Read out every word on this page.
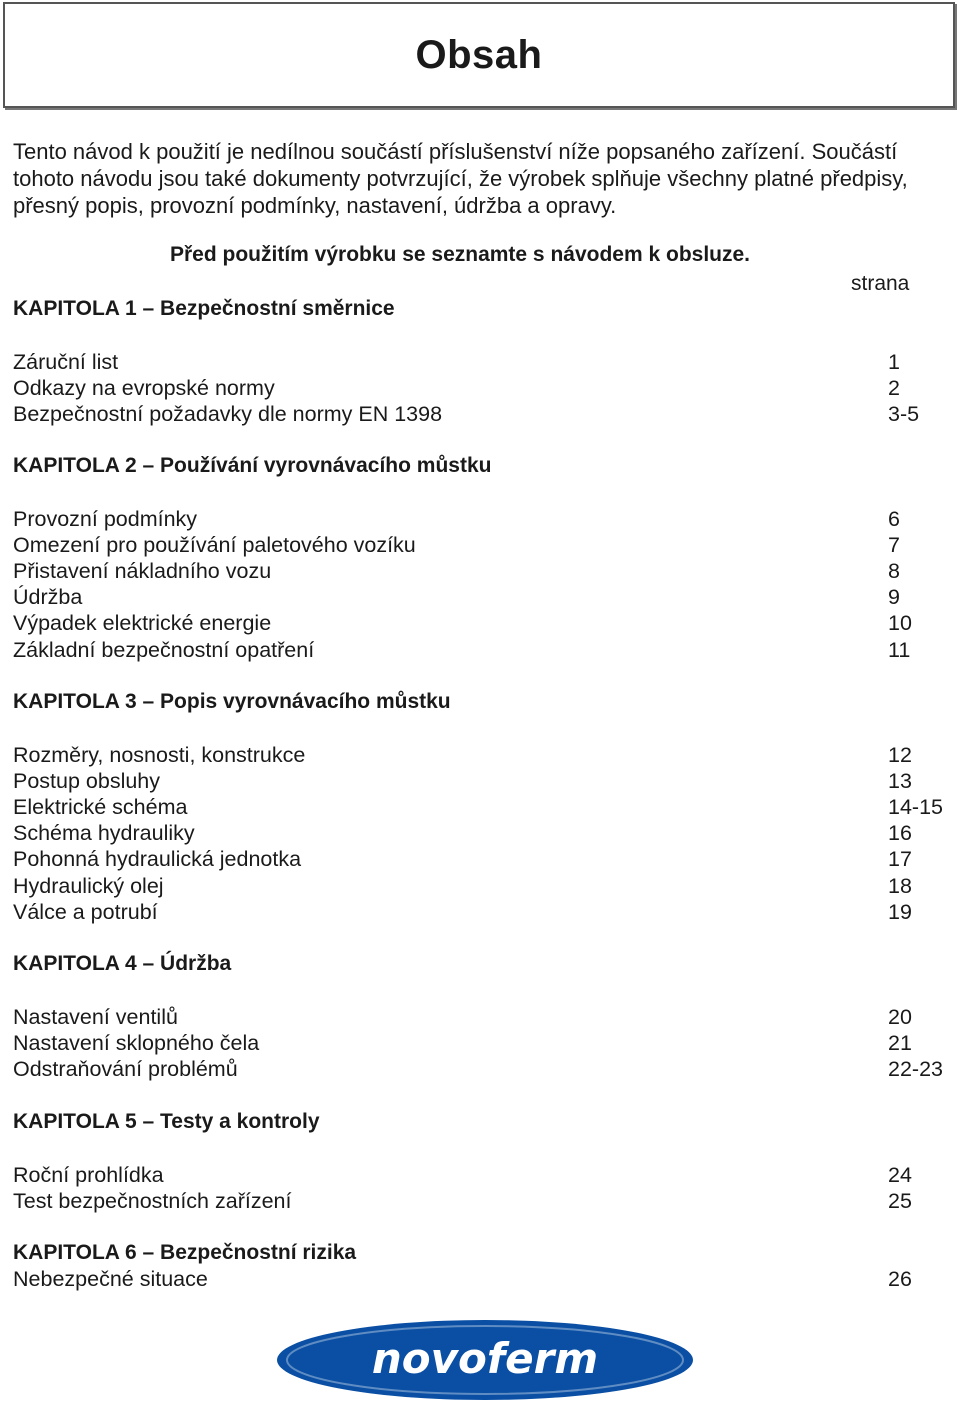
Obsah

Tento návod k použití je nedílnou součástí příslušenství níže popsaného zařízení. Součástí tohoto návodu jsou také dokumenty potvrzující, že výrobek splňuje všechny platné předpisy, přesný popis, provozní podmínky, nastavení, údržba a opravy.

Před použitím výrobku se seznamte s návodem k obsluze.

strana
KAPITOLA 1 – Bezpečnostní směrnice
Záruční list	1
Odkazy na evropské normy	2
Bezpečnostní požadavky dle normy EN 1398	3-5
KAPITOLA 2 – Používání vyrovnávacího můstku
Provozní podmínky	6
Omezení pro používání paletového vozíku	7
Přistavení nákladního vozu	8
Údržba	9
Výpadek elektrické energie	10
Základní bezpečnostní opatření	11
KAPITOLA 3 – Popis vyrovnávacího můstku
Rozměry, nosnosti, konstrukce	12
Postup obsluhy	13
Elektrické schéma	14-15
Schéma hydrauliky	16
Pohonná hydraulická jednotka	17
Hydraulický olej	18
Válce a potrubí	19
KAPITOLA 4 – Údržba
Nastavení ventilů	20
Nastavení sklopného čela	21
Odstraňování problémů	22-23
KAPITOLA 5 – Testy a kontroly
Roční prohlídka	24
Test bezpečnostních zařízení	25
KAPITOLA 6 – Bezpečnostní rizika
Nebezpečné situace	26
novoferm
